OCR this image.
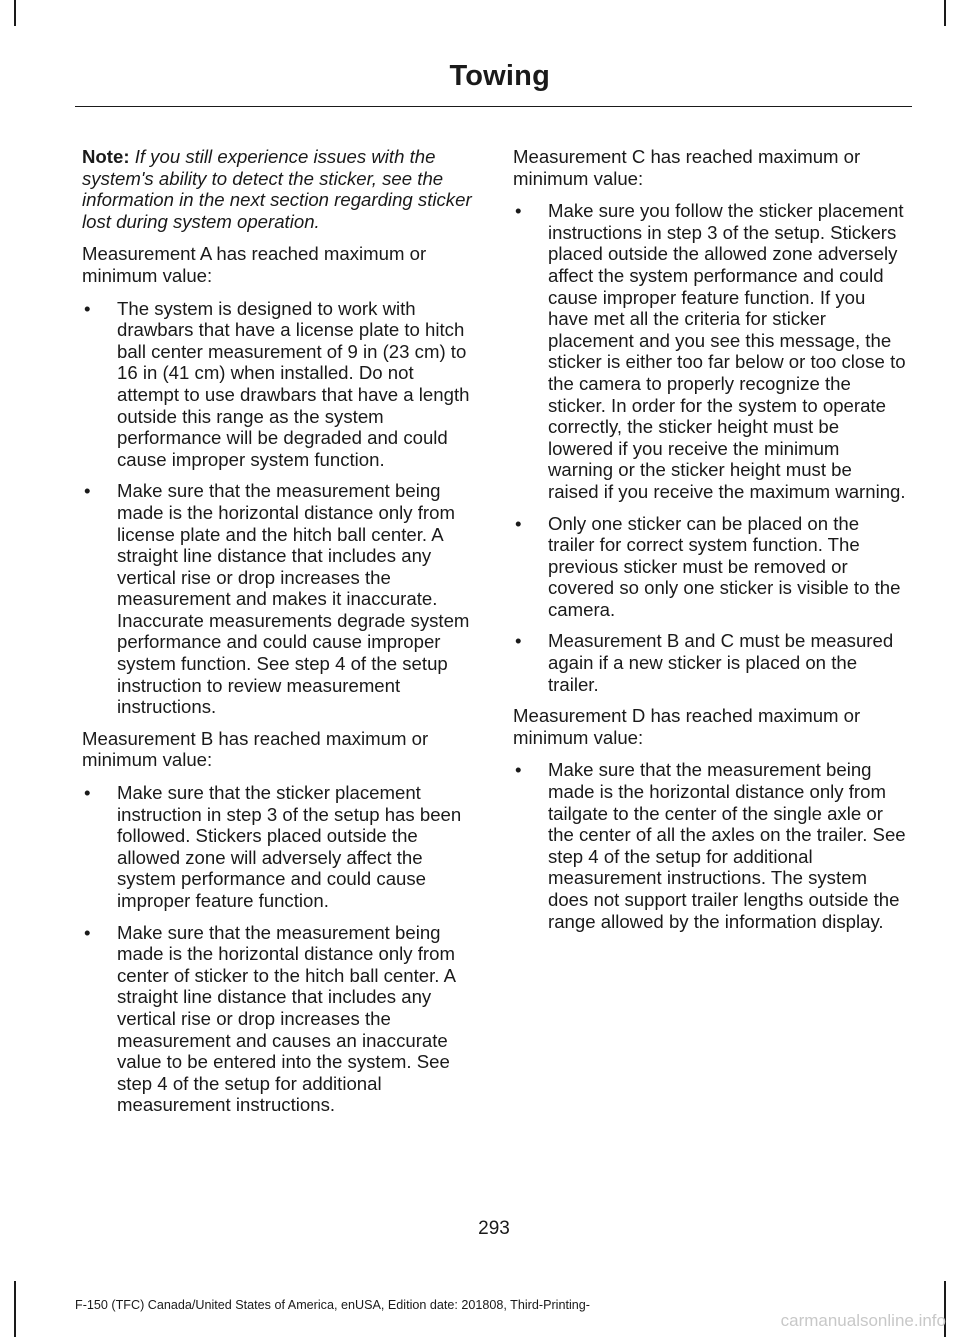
Towing

Note: If you still experience issues with the system's ability to detect the sticker, see the information in the next section regarding sticker lost during system operation.

Measurement A has reached maximum or minimum value:

• The system is designed to work with drawbars that have a license plate to hitch ball center measurement of 9 in (23 cm) to 16 in (41 cm) when installed. Do not attempt to use drawbars that have a length outside this range as the system performance will be degraded and could cause improper system function.
• Make sure that the measurement being made is the horizontal distance only from license plate and the hitch ball center. A straight line distance that includes any vertical rise or drop increases the measurement and makes it inaccurate. Inaccurate measurements degrade system performance and could cause improper system function. See step 4 of the setup instruction to review measurement instructions.

Measurement B has reached maximum or minimum value:

• Make sure that the sticker placement instruction in step 3 of the setup has been followed. Stickers placed outside the allowed zone will adversely affect the system performance and could cause improper feature function.
• Make sure that the measurement being made is the horizontal distance only from center of sticker to the hitch ball center. A straight line distance that includes any vertical rise or drop increases the measurement and causes an inaccurate value to be entered into the system. See step 4 of the setup for additional measurement instructions.

Measurement C has reached maximum or minimum value:

• Make sure you follow the sticker placement instructions in step 3 of the setup. Stickers placed outside the allowed zone adversely affect the system performance and could cause improper feature function. If you have met all the criteria for sticker placement and you see this message, the sticker is either too far below or too close to the camera to properly recognize the sticker. In order for the system to operate correctly, the sticker height must be lowered if you receive the minimum warning or the sticker height must be raised if you receive the maximum warning.
• Only one sticker can be placed on the trailer for correct system function. The previous sticker must be removed or covered so only one sticker is visible to the camera.
• Measurement B and C must be measured again if a new sticker is placed on the trailer.

Measurement D has reached maximum or minimum value:

• Make sure that the measurement being made is the horizontal distance only from tailgate to the center of the single axle or the center of all the axles on the trailer. See step 4 of the setup for additional measurement instructions. The system does not support trailer lengths outside the range allowed by the information display.
293
F-150 (TFC) Canada/United States of America, enUSA, Edition date: 201808, Third-Printing-
carmanualsonline.info
